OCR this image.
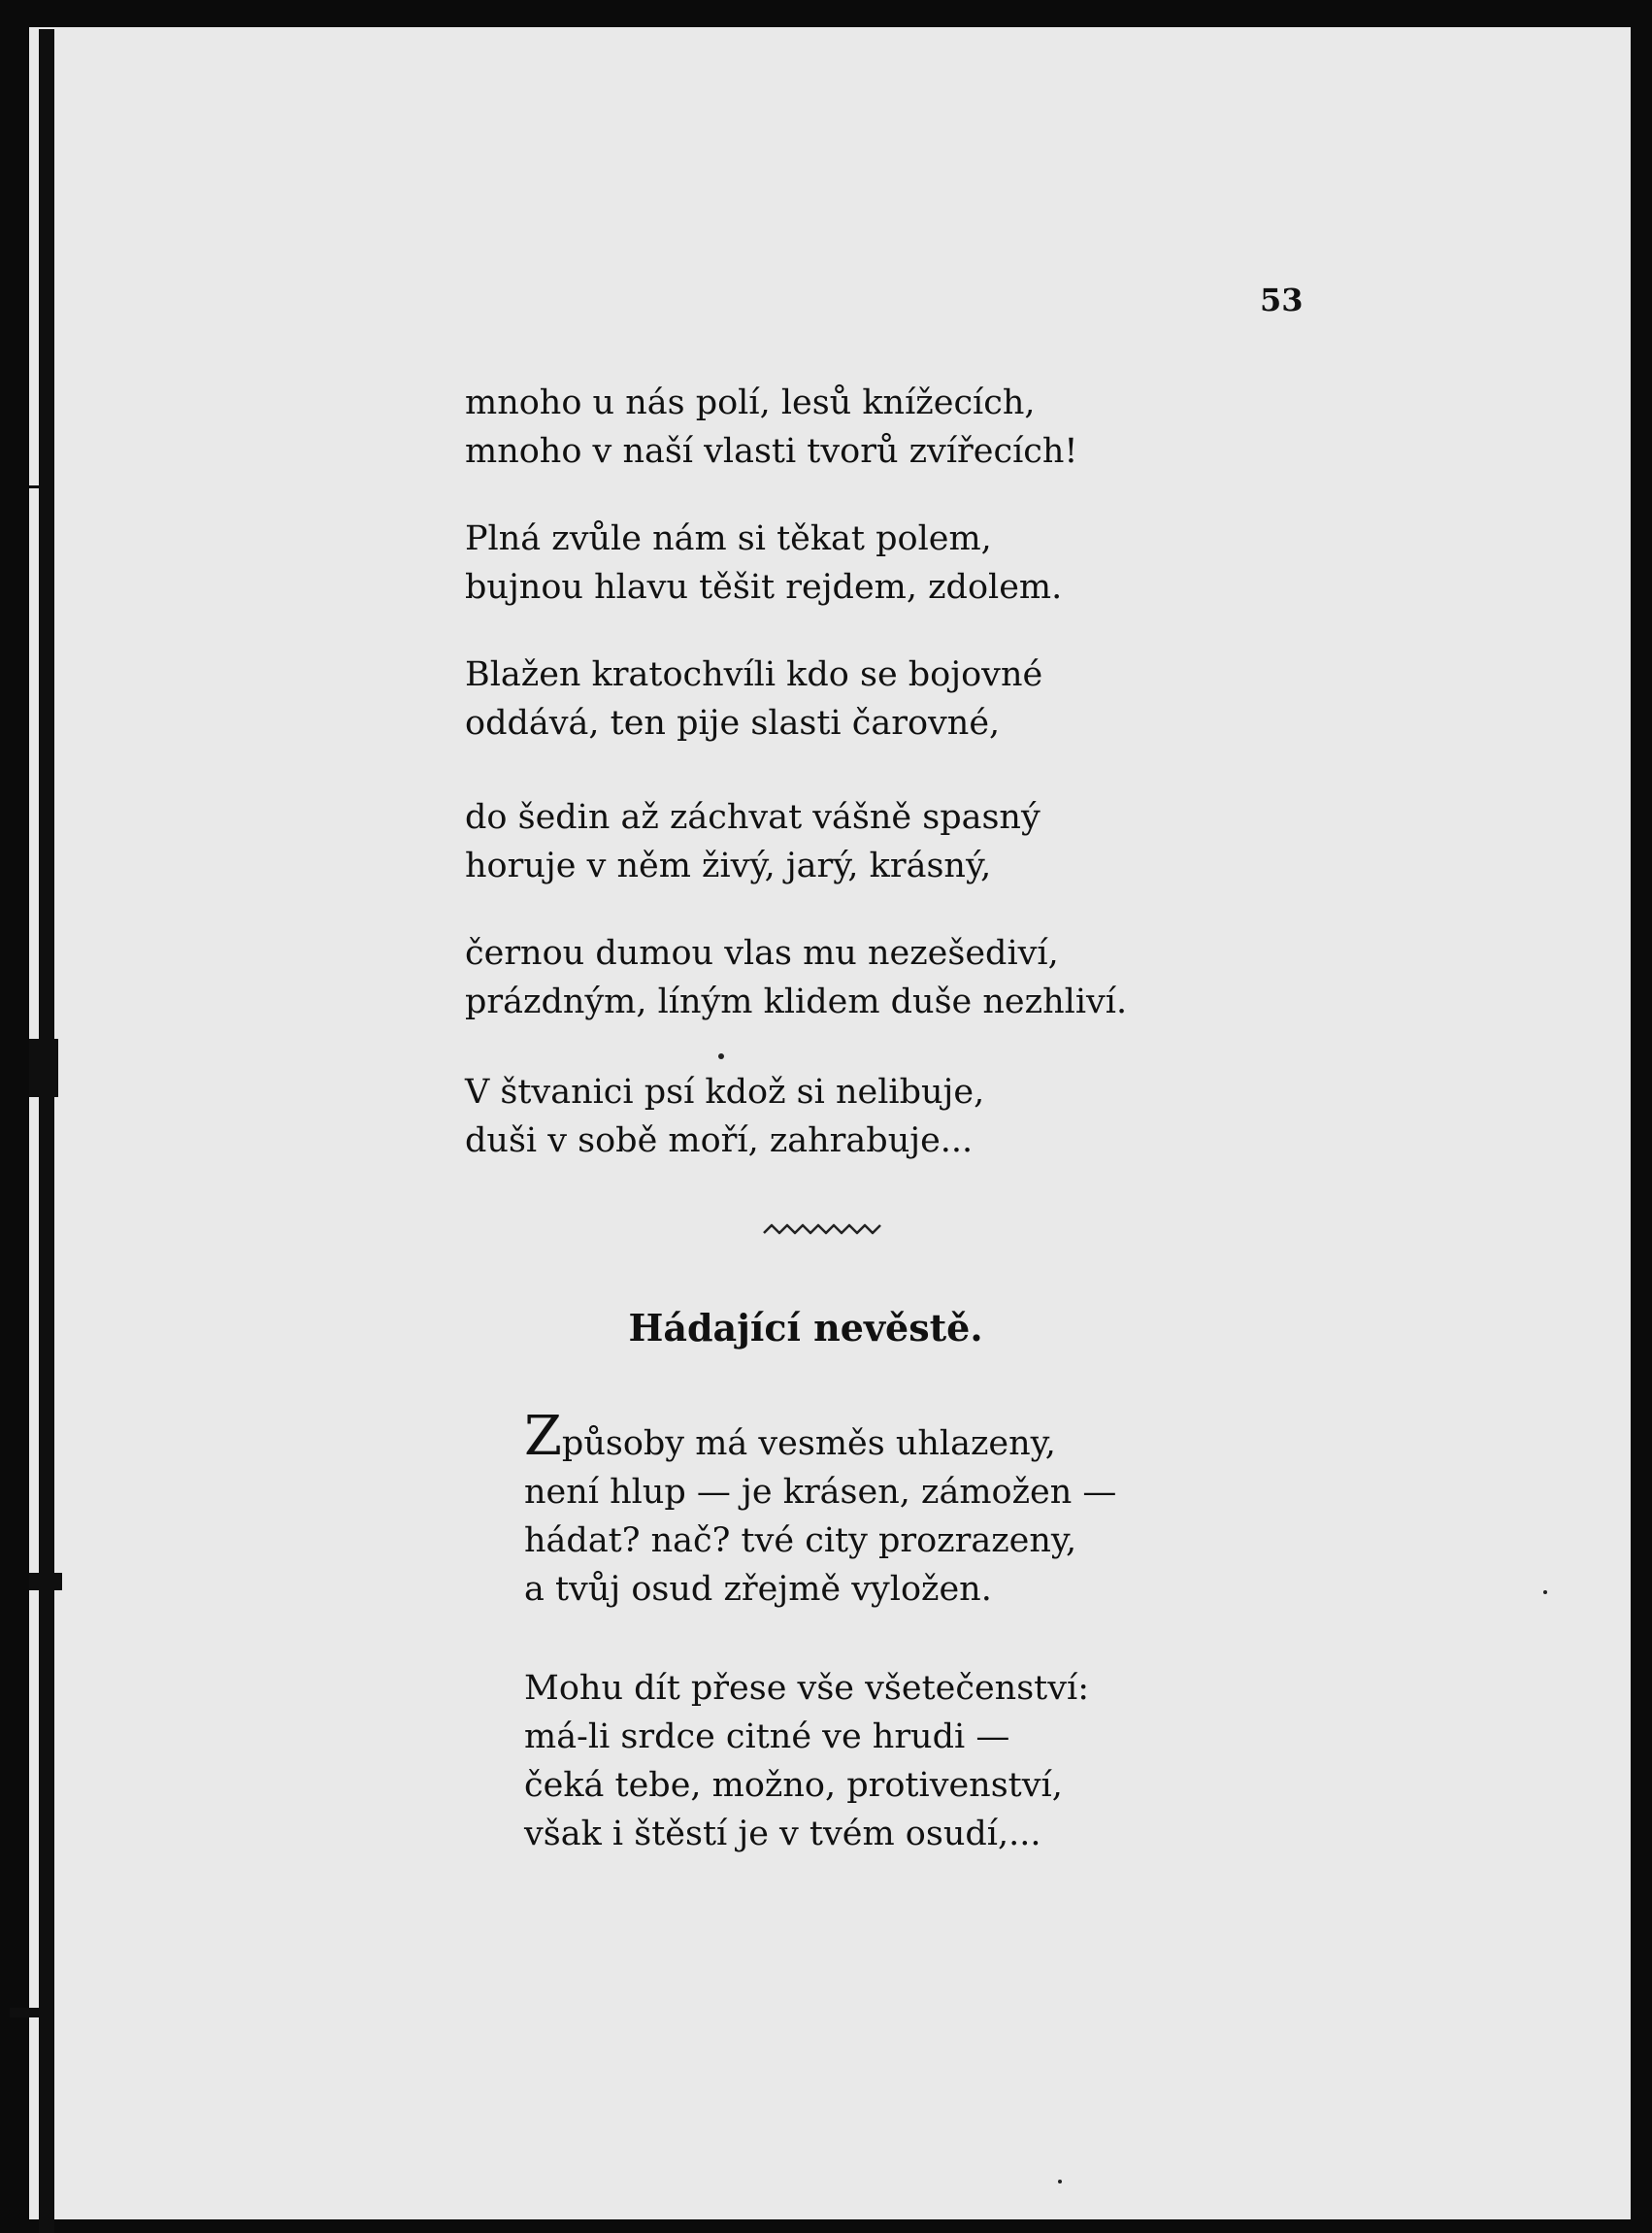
53
mnoho u nás polí, lesů knížecích,
mnoho v naší vlasti tvorů zvířecích!
Plná zvůle nám si těkat polem,
bujnou hlavu těšit rejdem, zdolem.
Blažen kratochvíli kdo se bojovné
oddává, ten pije slasti čarovné,
do šedin až záchvat vášně spasný
horuje v něm živý, jarý, krásný,
černou dumou vlas mu nezešediví,
prázdným, líným klidem duše nezhliví.
V štvanici psí kdož si nelibuje,
duši v sobě moří, zahrabuje...
Hádající nevěstě.
Způsoby má vesměs uhlazeny,
není hlup — je krásen, zámožen —
hádat? nač? tvé city prozrazeny,
a tvůj osud zřejmě vyložen.
Mohu dít přese vše všetečenství:
má-li srdce citné ve hrudi —
čeká tebe, možno, protivenství,
však i štěstí je v tvém osudí,...
